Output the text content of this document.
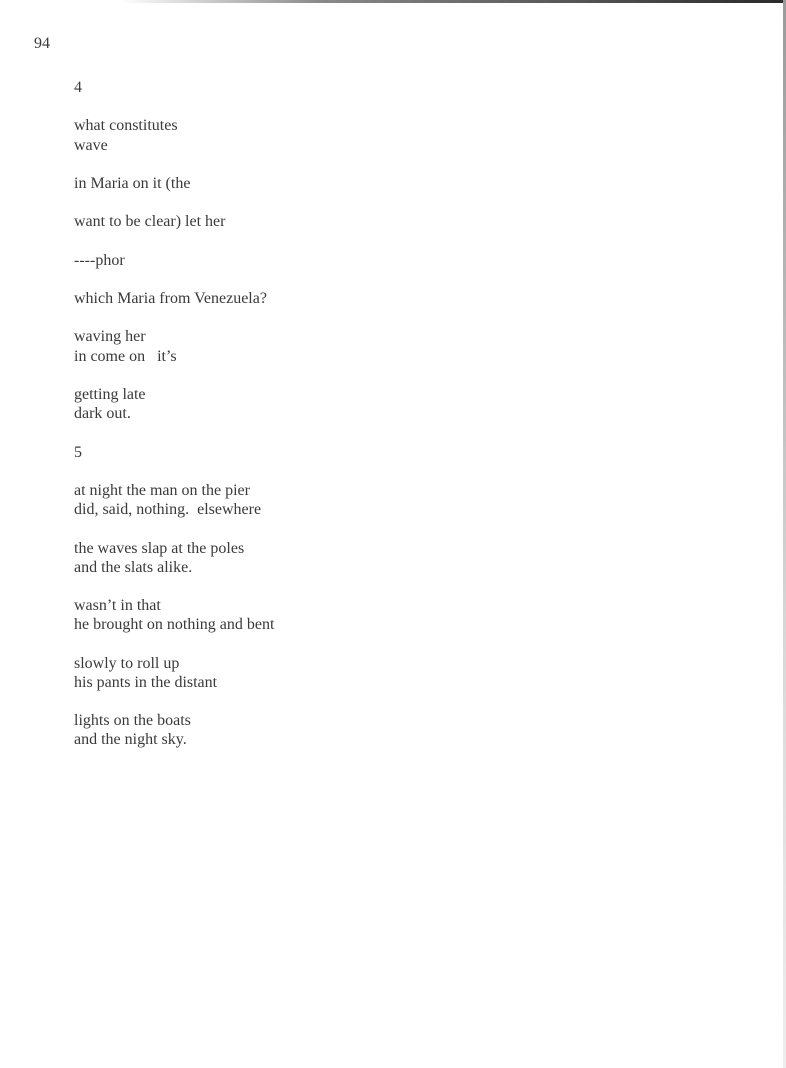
94

4

what constitutes
wave
in Maria on it (the
want to be clear) let her
----phor
which Maria from Venezuela?
waving her
in come on   it’s
getting late
dark out.

5

at night the man on the pier
did, said, nothing.  elsewhere
the waves slap at the poles
and the slats alike.
wasn’t in that
he brought on nothing and bent
slowly to roll up
his pants in the distant
lights on the boats
and the night sky.
